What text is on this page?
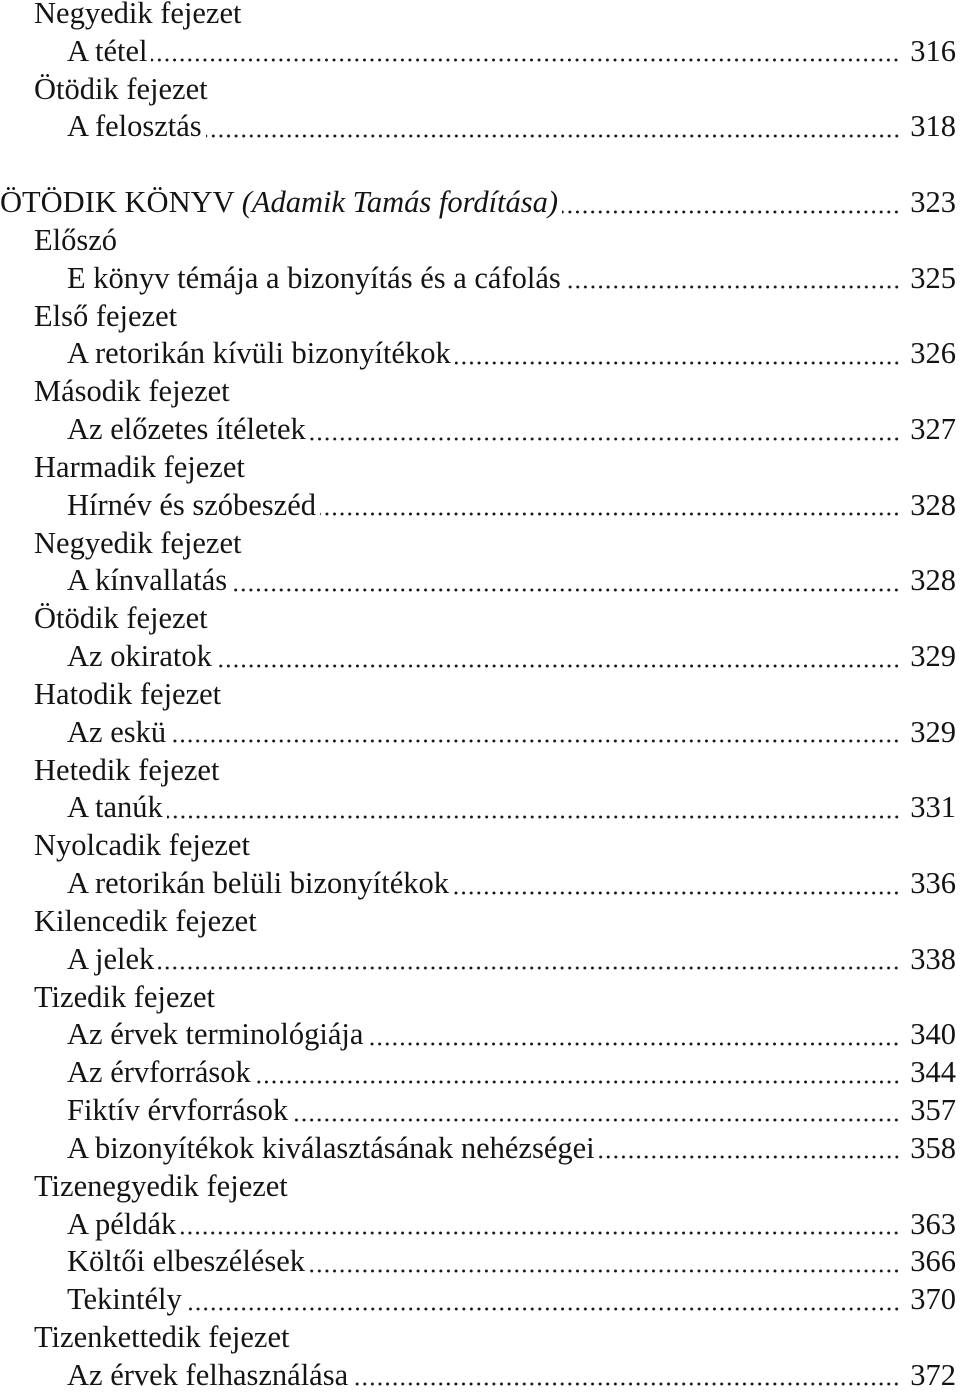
Negyedik fejezet
A tétel	316
Ötödik fejezet
A felosztás	318
ÖTÖDIK KÖNYV (Adamik Tamás fordítása)	323
Előszó
E könyv témája a bizonyítás és a cáfolás	325
Első fejezet
A retorikán kívüli bizonyítékok	326
Második fejezet
Az előzetes ítéletek	327
Harmadik fejezet
Hírnév és szóbeszéd	328
Negyedik fejezet
A kínvallatás	328
Ötödik fejezet
Az okiratok	329
Hatodik fejezet
Az eskü	329
Hetedik fejezet
A tanúk	331
Nyolcadik fejezet
A retorikán belüli bizonyítékok	336
Kilencedik fejezet
A jelek	338
Tizedik fejezet
Az érvek terminológiája	340
Az érvforrások	344
Fiktív érvforrások	357
A bizonyítékok kiválasztásának nehézségei	358
Tizenegyedik fejezet
A példák	363
Költői elbeszélések	366
Tekintély	370
Tizenkettedik fejezet
Az érvek felhasználása	372
